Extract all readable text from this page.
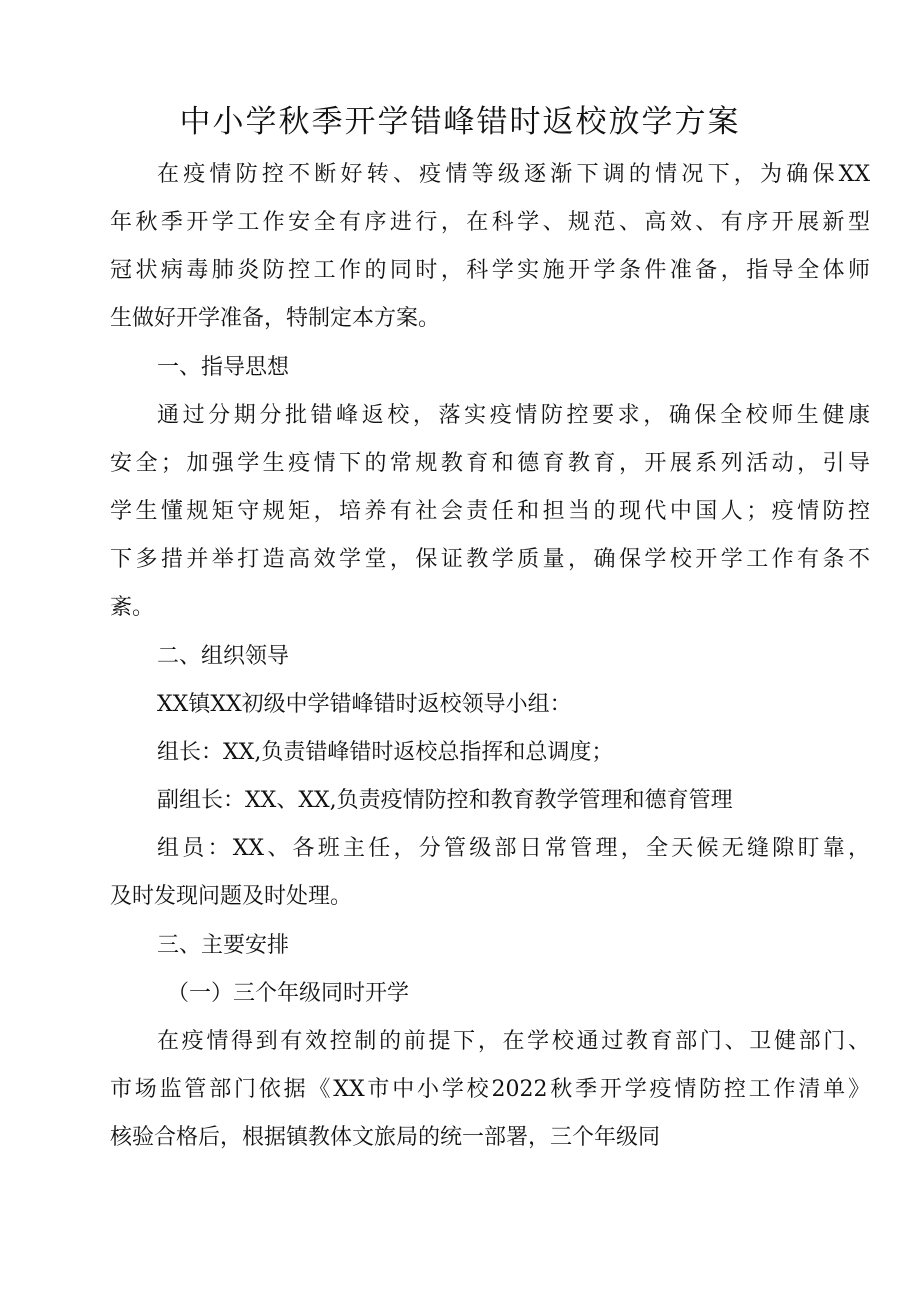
中小学秋季开学错峰错时返校放学方案

在疫情防控不断好转、疫情等级逐渐下调的情况下，为确保XX

年秋季开学工作安全有序进行，在科学、规范、高效、有序开展新型

冠状病毒肺炎防控工作的同时，科学实施开学条件准备，指导全体师

生做好开学准备，特制定本方案。

一、指导思想

通过分期分批错峰返校，落实疫情防控要求，确保全校师生健康

安全；加强学生疫情下的常规教育和德育教育，开展系列活动，引导

学生懂规矩守规矩，培养有社会责任和担当的现代中国人；疫情防控

下多措并举打造高效学堂，保证教学质量，确保学校开学工作有条不

紊。

二、组织领导

XX镇XX初级中学错峰错时返校领导小组：

组长：XX,负责错峰错时返校总指挥和总调度；

副组长：XX、XX,负责疫情防控和教育教学管理和德育管理

组员：XX、各班主任，分管级部日常管理，全天候无缝隙盯靠，

及时发现问题及时处理。

三、主要安排

（一）三个年级同时开学

在疫情得到有效控制的前提下，在学校通过教育部门、卫健部门、

市场监管部门依据《XX市中小学校2022秋季开学疫情防控工作清单》

核验合格后，根据镇教体文旅局的统一部署，三个年级同
